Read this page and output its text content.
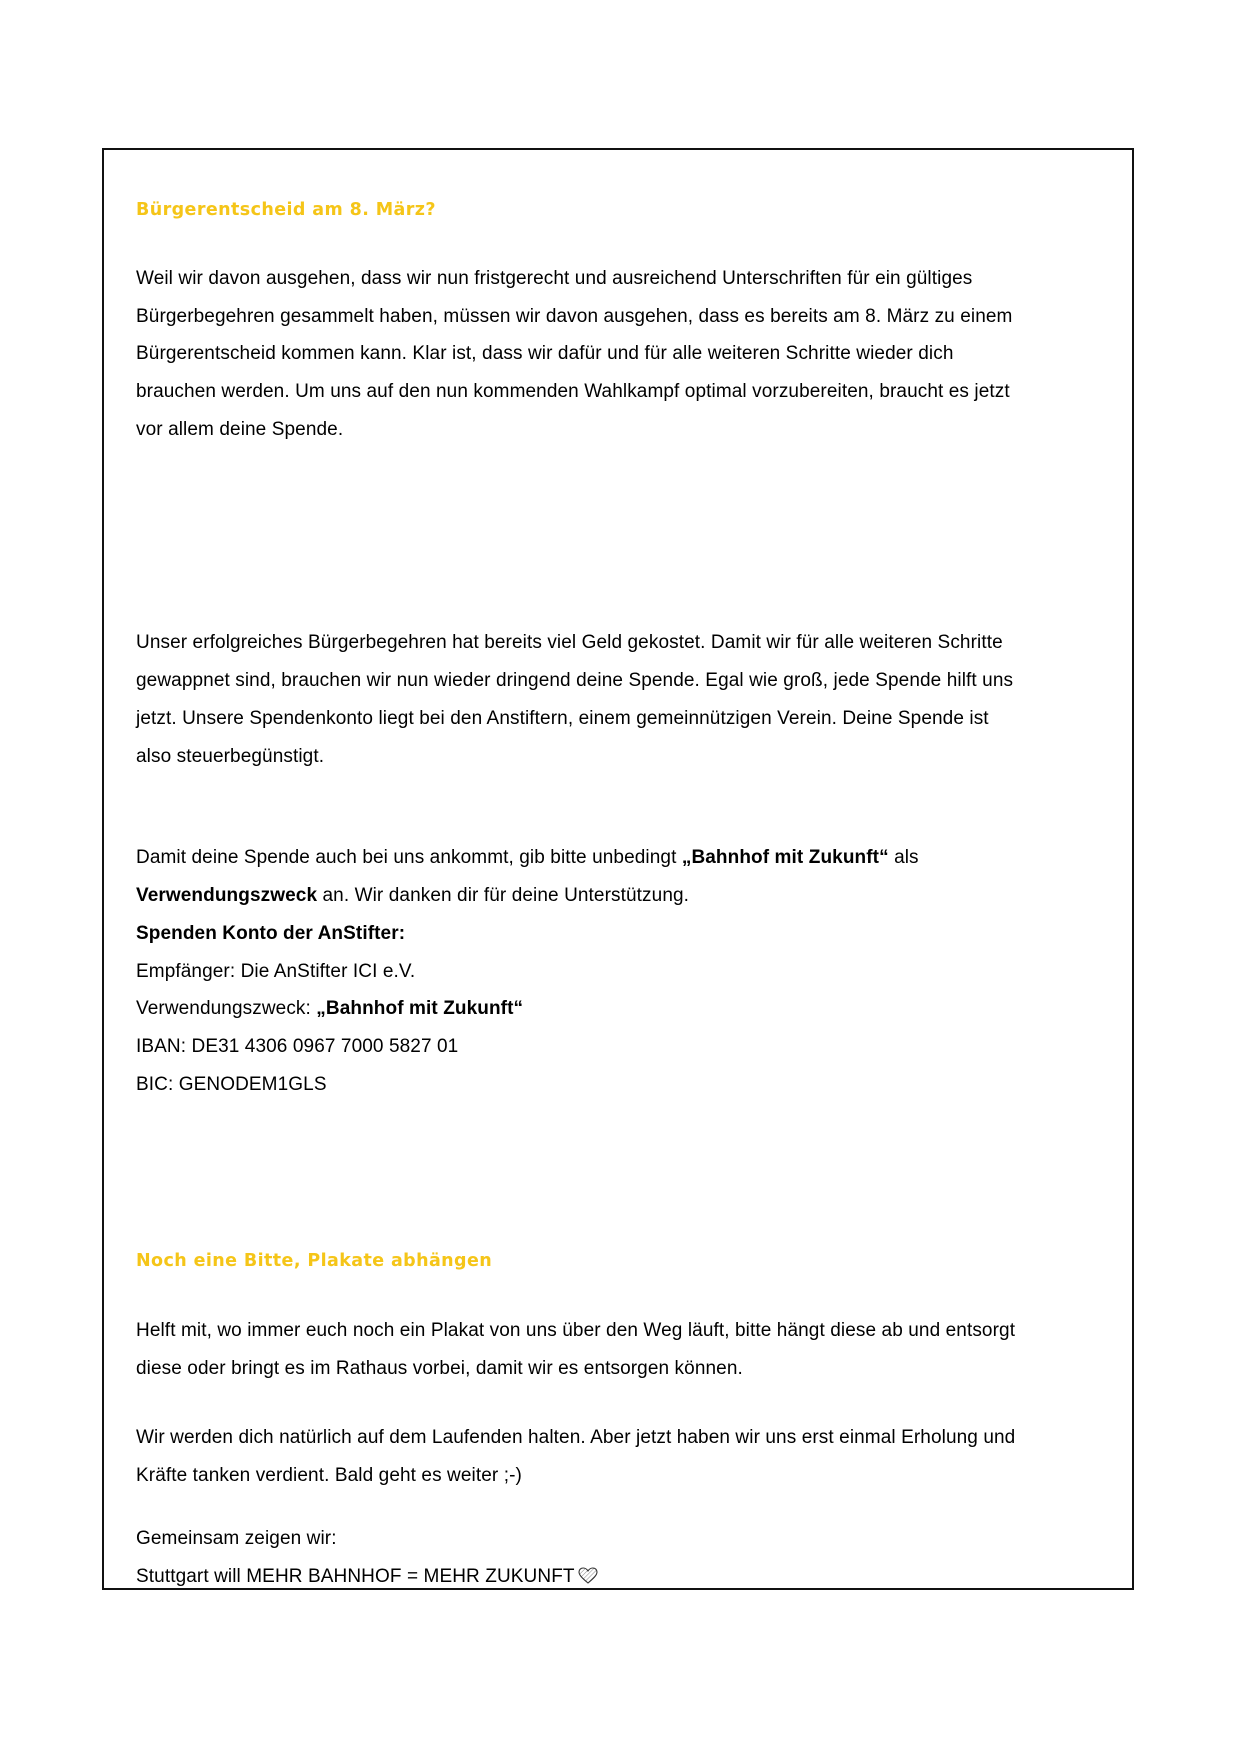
Bürgerentscheid am 8. März?
Weil wir davon ausgehen, dass wir nun fristgerecht und ausreichend Unterschriften für ein gültiges
Bürgerbegehren gesammelt haben, müssen wir davon ausgehen, dass es bereits am 8. März zu einem
Bürgerentscheid kommen kann. Klar ist, dass wir dafür und für alle weiteren Schritte wieder dich
brauchen werden. Um uns auf den nun kommenden Wahlkampf optimal vorzubereiten, braucht es jetzt
vor allem deine Spende.
Unser erfolgreiches Bürgerbegehren hat bereits viel Geld gekostet. Damit wir für alle weiteren Schritte
gewappnet sind, brauchen wir nun wieder dringend deine Spende. Egal wie groß, jede Spende hilft uns
jetzt. Unsere Spendenkonto liegt bei den Anstiftern, einem gemeinnützigen Verein. Deine Spende ist
also steuerbegünstigt.
Damit deine Spende auch bei uns ankommt, gib bitte unbedingt „Bahnhof mit Zukunft“ als
Verwendungszweck an. Wir danken dir für deine Unterstützung.
Spenden Konto der AnStifter:
Empfänger: Die AnStifter ICI e.V.
Verwendungszweck: „Bahnhof mit Zukunft“
IBAN: DE31 4306 0967 7000 5827 01
BIC: GENODEM1GLS
Noch eine Bitte, Plakate abhängen
Helft mit, wo immer euch noch ein Plakat von uns über den Weg läuft, bitte hängt diese ab und entsorgt
diese oder bringt es im Rathaus vorbei, damit wir es entsorgen können.
Wir werden dich natürlich auf dem Laufenden halten. Aber jetzt haben wir uns erst einmal Erholung und
Kräfte tanken verdient. Bald geht es weiter ;-)
Gemeinsam zeigen wir:
Stuttgart will MEHR BAHNHOF = MEHR ZUKUNFT
